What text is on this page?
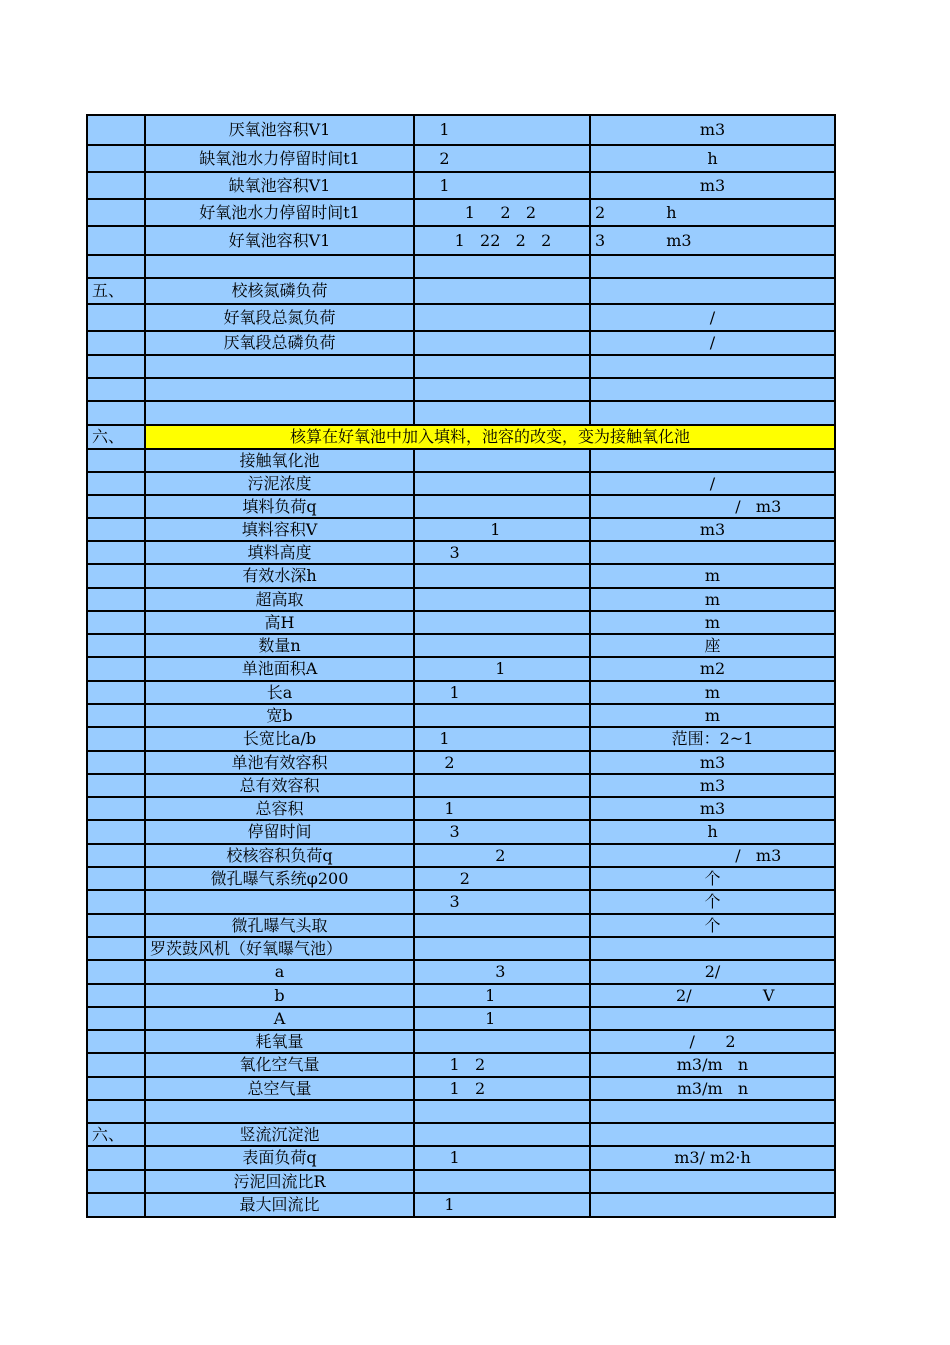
	厌氧池容积V1	1	m3
	缺氧池水力停留时间t1	2	h
	缺氧池容积V1	1	m3
	好氧池水力停留时间t1	1     2   2	2            h
	好氧池容积V1	1   22   2   2	3            m3

五、	校核氮磷负荷		
	好氧段总氮负荷		/
	厌氧段总磷负荷		/

六、	核算在好氧池中加入填料，池容的改变，变为接触氧化池		
	接触氧化池		
	污泥浓度		/
	填料负荷q		/   m3
	填料容积V	1	m3
	填料高度	3	
	有效水深h		m
	超高取		m
	高H		m
	数量n		座
	单池面积A	1	m2
	长a	1	m
	宽b		m
	长宽比a/b	1	范围：2~1
	单池有效容积	2	m3
	总有效容积		m3
	总容积	1	m3
	停留时间	3	h
	校核容积负荷q	2	/   m3
	微孔曝气系统φ200	2	个
		3	个
	微孔曝气头取		个
	罗茨鼓风机（好氧曝气池）		
	a	3	2/
	b	1	2/              V
	A	1	
	耗氧量		/      2
	氧化空气量	1   2	m3/m   n
	总空气量	1   2	m3/m   n

六、	竖流沉淀池		
	表面负荷q	1	m3/ m2·h
	污泥回流比R		
	最大回流比	1	
